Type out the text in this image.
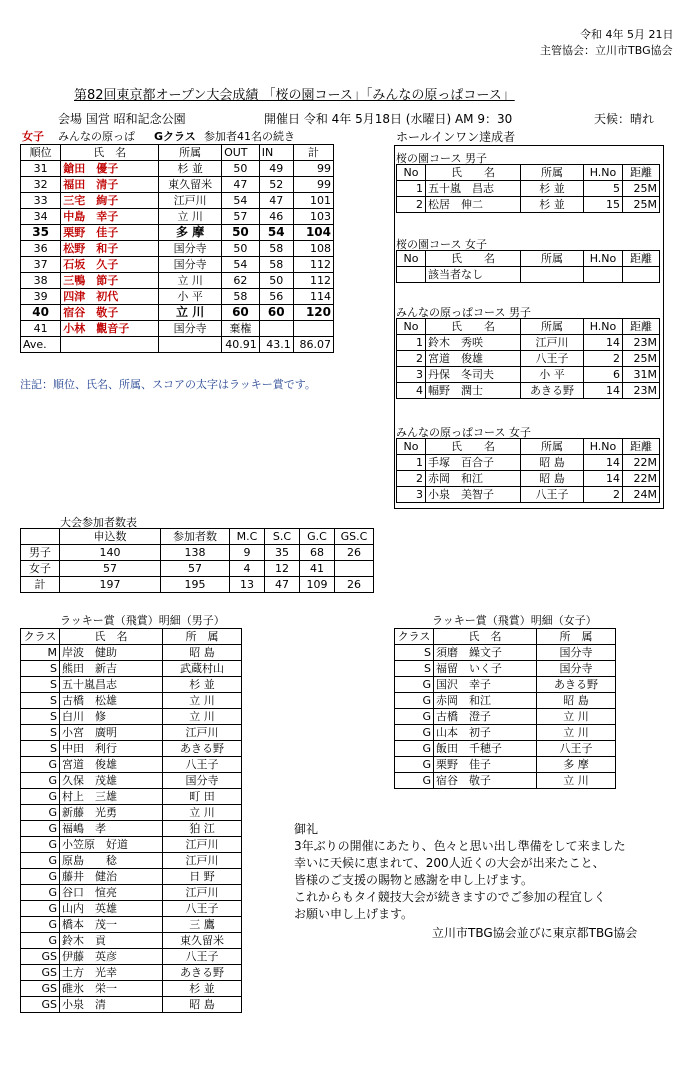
令和 4年 5月 21日
主管協会：立川市TBG協会
第82回東京都オープン大会成績 「桜の園コース」「みんなの原っぱコース」
会場 国営 昭和記念公園	開催日 令和 4年 5月18日 (水曜日) AM 9：30	天候：晴れ
女子 みんなの原っぱ Gクラス 参加者41名の続き
順位	氏　名	所属	OUT	IN	計
31	鎗田　優子	杉 並	50	49	99
32	福田　清子	東久留米	47	52	99
33	三宅　絢子	江戸川	54	47	101
34	中島　幸子	立 川	57	46	103
35	栗野　佳子	多 摩	50	54	104
36	松野　和子	国分寺	50	58	108
37	石坂　久子	国分寺	54	58	112
38	三鴨　節子	立 川	62	50	112
39	四津　初代	小 平	58	56	114
40	宿谷　敬子	立 川	60	60	120
41	小林　觀音子	国分寺	棄権		
Ave.			40.91	43.1	86.07
注記：順位、氏名、所属、スコアの太字はラッキー賞です。
ホールインワン達成者
桜の園コース 男子
No	氏　　名	所属	H.No	距離
1	五十嵐　昌志	杉 並	5	25M
2	松居　伸二	杉 並	15	25M
桜の園コース 女子
No	氏　　名	所属	H.No	距離
	該当者なし			
みんなの原っぱコース 男子
No	氏　　名	所属	H.No	距離
1	鈴木　秀咲	江戸川	14	23M
2	宮道　俊雄	八王子	2	25M
3	丹保　冬司夫	小 平	6	31M
4	幅野　潤士	あきる野	14	23M
みんなの原っぱコース 女子
No	氏　　名	所属	H.No	距離
1	手塚　百合子	昭 島	14	22M
2	赤岡　和江	昭 島	14	22M
3	小泉　美智子	八王子	2	24M
大会参加者数表
	申込数	参加者数	M.C	S.C	G.C	GS.C
男子	140	138	9	35	68	26
女子	57	57	4	12	41	
計	197	195	13	47	109	26
ラッキー賞（飛賞）明細（男子）
クラス	氏　名	所　属
M	岸波　健助	昭 島
S	熊田　新吉	武蔵村山
S	五十嵐昌志	杉 並
S	古橋　松雄	立 川
S	白川　修	立 川
S	小宮　廣明	江戸川
S	中田　利行	あきる野
G	宮道　俊雄	八王子
G	久保　茂雄	国分寺
G	村上　三雄	町 田
G	新藤　光勇	立 川
G	福嶋　孝	狛 江
G	小笠原　好道	江戸川
G	原島　　稔	江戸川
G	藤井　健治	日 野
G	谷口　愃亮	江戸川
G	山内　英雄	八王子
G	橋本　茂一	三 鷹
G	鈴木　貢	東久留米
GS	伊藤　英彦	八王子
GS	土方　光幸	あきる野
GS	碓氷　栄一	杉 並
GS	小泉　清	昭 島
ラッキー賞（飛賞）明細（女子）
クラス	氏　名	所　属
S	須磨　繰文子	国分寺
S	福留　いく子	国分寺
G	国沢　幸子	あきる野
G	赤岡　和江	昭 島
G	古橋　澄子	立 川
G	山本　初子	立 川
G	飯田　千穂子	八王子
G	栗野　佳子	多 摩
G	宿谷　敬子	立 川
御礼
3年ぶりの開催にあたり、色々と思い出し準備をして来ました
幸いに天候に恵まれて、200人近くの大会が出来たこと、
皆様のご支援の賜物と感謝を申し上げます。
これからもタイ競技大会が続きますのでご参加の程宜しく
お願い申し上げます。
立川市TBG協会並びに東京都TBG協会
